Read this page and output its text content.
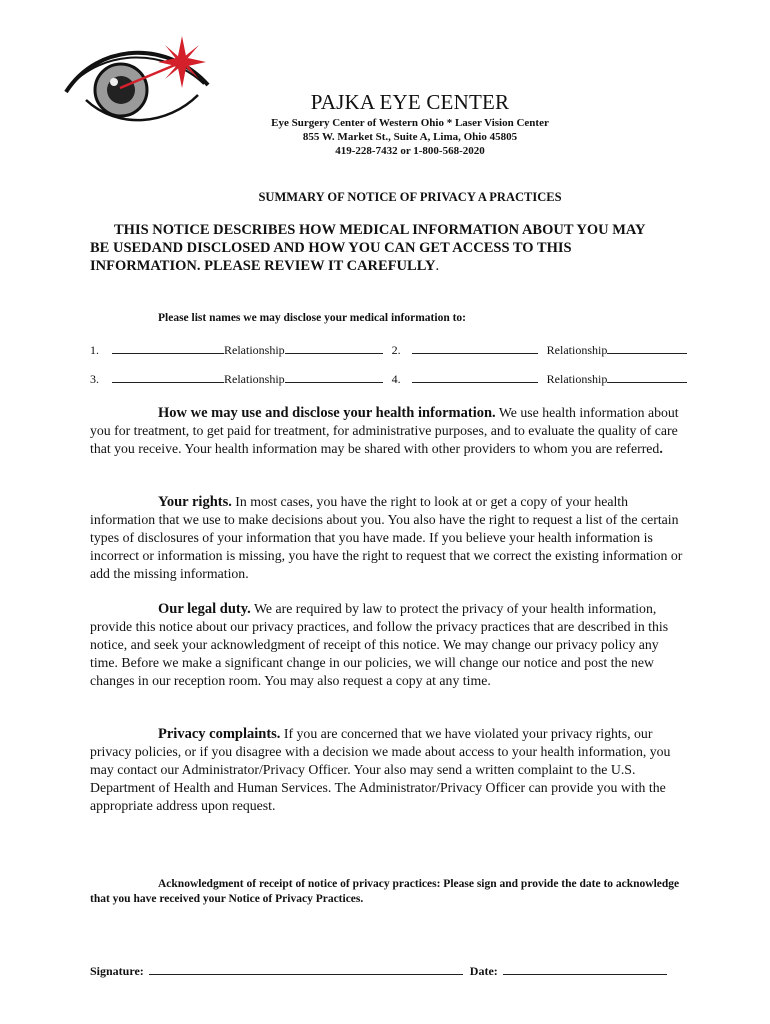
PAJKA EYE CENTER
Eye Surgery Center of Western Ohio * Laser Vision Center
855 W. Market St., Suite A, Lima, Ohio 45805
419-228-7432 or 1-800-568-2020
SUMMARY OF NOTICE OF PRIVACY A PRACTICES

THIS NOTICE DESCRIBES HOW MEDICAL INFORMATION ABOUT YOU MAY
BE USEDAND DISCLOSED AND HOW YOU CAN GET ACCESS TO THIS
INFORMATION. PLEASE REVIEW IT CAREFULLY.

Please list names we may disclose your medical information to:
1.	Relationship	2.	Relationship
3.	Relationship	4.	Relationship

How we may use and disclose your health information. We use health information about you for treatment, to get paid for treatment, for administrative purposes, and to evaluate the quality of care that you receive. Your health information may be shared with other providers to whom you are referred.

Your rights. In most cases, you have the right to look at or get a copy of your health information that we use to make decisions about you. You also have the right to request a list of the certain types of disclosures of your information that you have made. If you believe your health information is incorrect or information is missing, you have the right to request that we correct the existing information or add the missing information.

Our legal duty. We are required by law to protect the privacy of your health information, provide this notice about our privacy practices, and follow the privacy practices that are described in this notice, and seek your acknowledgment of receipt of this notice. We may change our privacy policy any time. Before we make a significant change in our policies, we will change our notice and post the new changes in our reception room. You may also request a copy at any time.

Privacy complaints. If you are concerned that we have violated your privacy rights, our privacy policies, or if you disagree with a decision we made about access to your health information, you may contact our Administrator/Privacy Officer. Your also may send a written complaint to the U.S. Department of Health and Human Services. The Administrator/Privacy Officer can provide you with the appropriate address upon request.

Acknowledgment of receipt of notice of privacy practices: Please sign and provide the date to acknowledge that you have received your Notice of Privacy Practices.

Signature:	Date:
